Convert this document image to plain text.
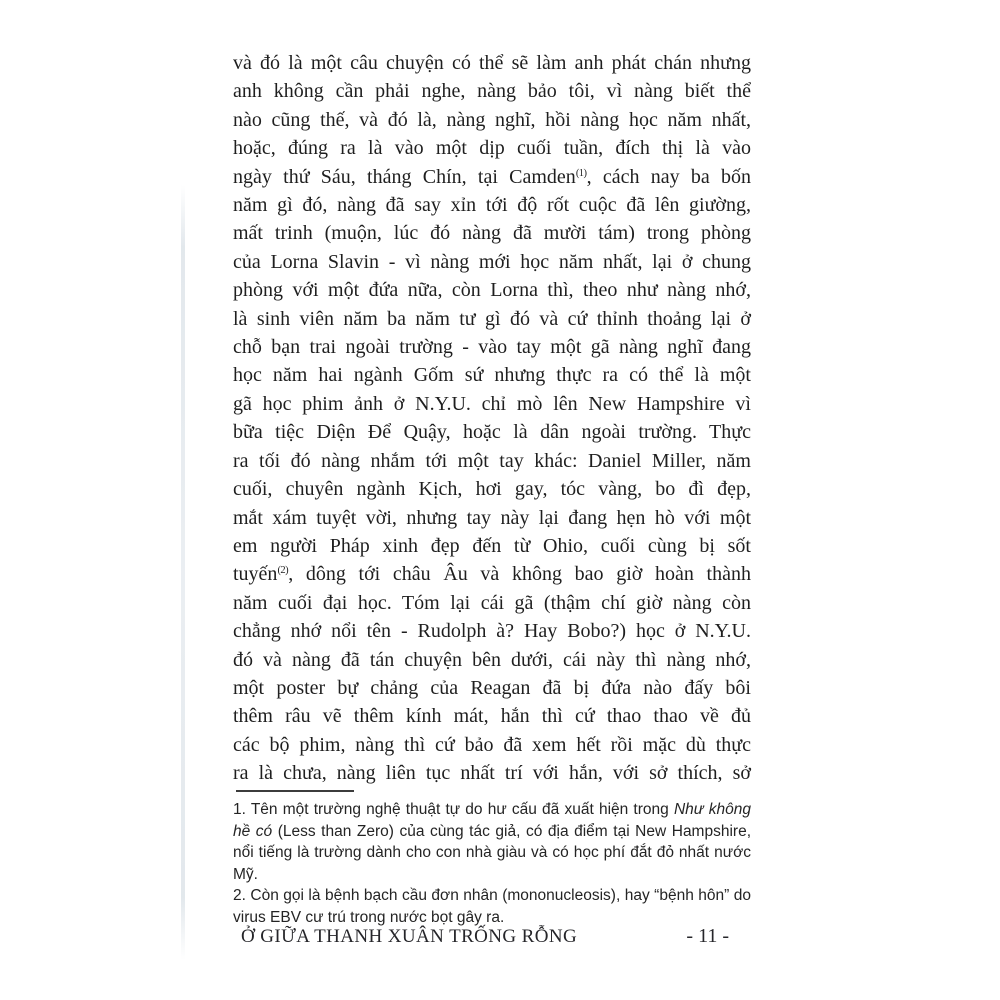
và đó là một câu chuyện có thể sẽ làm anh phát chán nhưng
anh không cần phải nghe, nàng bảo tôi, vì nàng biết thể
nào cũng thế, và đó là, nàng nghĩ, hồi nàng học năm nhất,
hoặc, đúng ra là vào một dịp cuối tuần, đích thị là vào
ngày thứ Sáu, tháng Chín, tại Camden$^{(1)}$, cách nay ba bốn
năm gì đó, nàng đã say xỉn tới độ rốt cuộc đã lên giường,
mất trinh (muộn, lúc đó nàng đã mười tám) trong phòng
của Lorna Slavin - vì nàng mới học năm nhất, lại ở chung
phòng với một đứa nữa, còn Lorna thì, theo như nàng nhớ,
là sinh viên năm ba năm tư gì đó và cứ thỉnh thoảng lại ở
chỗ bạn trai ngoài trường - vào tay một gã nàng nghĩ đang
học năm hai ngành Gốm sứ nhưng thực ra có thể là một
gã học phim ảnh ở N.Y.U. chỉ mò lên New Hampshire vì
bữa tiệc Diện Để Quậy, hoặc là dân ngoài trường. Thực
ra tối đó nàng nhắm tới một tay khác: Daniel Miller, năm
cuối, chuyên ngành Kịch, hơi gay, tóc vàng, bo đì đẹp,
mắt xám tuyệt vời, nhưng tay này lại đang hẹn hò với một
em người Pháp xinh đẹp đến từ Ohio, cuối cùng bị sốt
tuyến$^{(2)}$, dông tới châu Âu và không bao giờ hoàn thành
năm cuối đại học. Tóm lại cái gã (thậm chí giờ nàng còn
chẳng nhớ nổi tên - Rudolph à? Hay Bobo?) học ở N.Y.U.
đó và nàng đã tán chuyện bên dưới, cái này thì nàng nhớ,
một poster bự chảng của Reagan đã bị đứa nào đấy bôi
thêm râu vẽ thêm kính mát, hắn thì cứ thao thao về đủ
các bộ phim, nàng thì cứ bảo đã xem hết rồi mặc dù thực
ra là chưa, nàng liên tục nhất trí với hắn, với sở thích, sở

1. Tên một trường nghệ thuật tự do hư cấu đã xuất hiện trong Như không hề có (Less than Zero) của cùng tác giả, có địa điểm tại New Hampshire, nổi tiếng là trường dành cho con nhà giàu và có học phí đắt đỏ nhất nước Mỹ.

2. Còn gọi là bệnh bạch cầu đơn nhân (mononucleosis), hay “bệnh hôn” do virus EBV cư trú trong nước bọt gây ra.

Ở GIỮA THANH XUÂN TRỐNG RỖNG	- 11 -
